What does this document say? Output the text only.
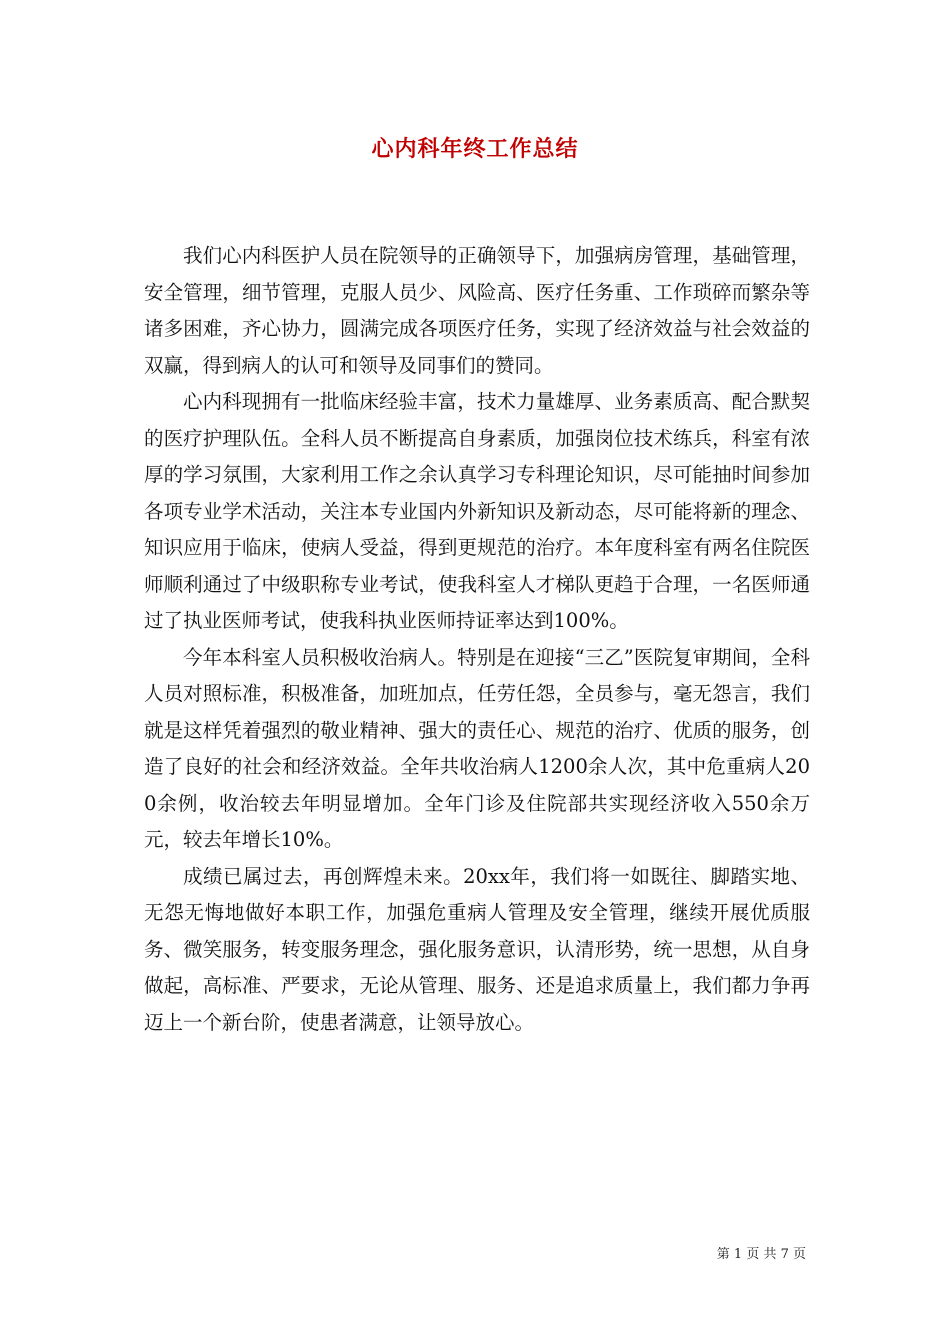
心内科年终工作总结

我们心内科医护人员在院领导的正确领导下，加强病房管理，基础管理，安全管理，细节管理，克服人员少、风险高、医疗任务重、工作琐碎而繁杂等诸多困难，齐心协力，圆满完成各项医疗任务，实现了经济效益与社会效益的双赢，得到病人的认可和领导及同事们的赞同。

心内科现拥有一批临床经验丰富，技术力量雄厚、业务素质高、配合默契的医疗护理队伍。全科人员不断提高自身素质，加强岗位技术练兵，科室有浓厚的学习氛围，大家利用工作之余认真学习专科理论知识，尽可能抽时间参加各项专业学术活动，关注本专业国内外新知识及新动态，尽可能将新的理念、知识应用于临床，使病人受益，得到更规范的治疗。本年度科室有两名住院医师顺利通过了中级职称专业考试，使我科室人才梯队更趋于合理，一名医师通过了执业医师考试，使我科执业医师持证率达到100%。

今年本科室人员积极收治病人。特别是在迎接“三乙”医院复审期间，全科人员对照标准，积极准备，加班加点，任劳任怨，全员参与，毫无怨言，我们就是这样凭着强烈的敬业精神、强大的责任心、规范的治疗、优质的服务，创造了良好的社会和经济效益。全年共收治病人1200余人次，其中危重病人200余例，收治较去年明显增加。全年门诊及住院部共实现经济收入550余万元，较去年增长10%。

成绩已属过去，再创辉煌未来。20xx年，我们将一如既往、脚踏实地、无怨无悔地做好本职工作，加强危重病人管理及安全管理，继续开展优质服务、微笑服务，转变服务理念，强化服务意识，认清形势，统一思想，从自身做起，高标准、严要求，无论从管理、服务、还是追求质量上，我们都力争再迈上一个新台阶，使患者满意，让领导放心。

第 1 页 共 7 页
